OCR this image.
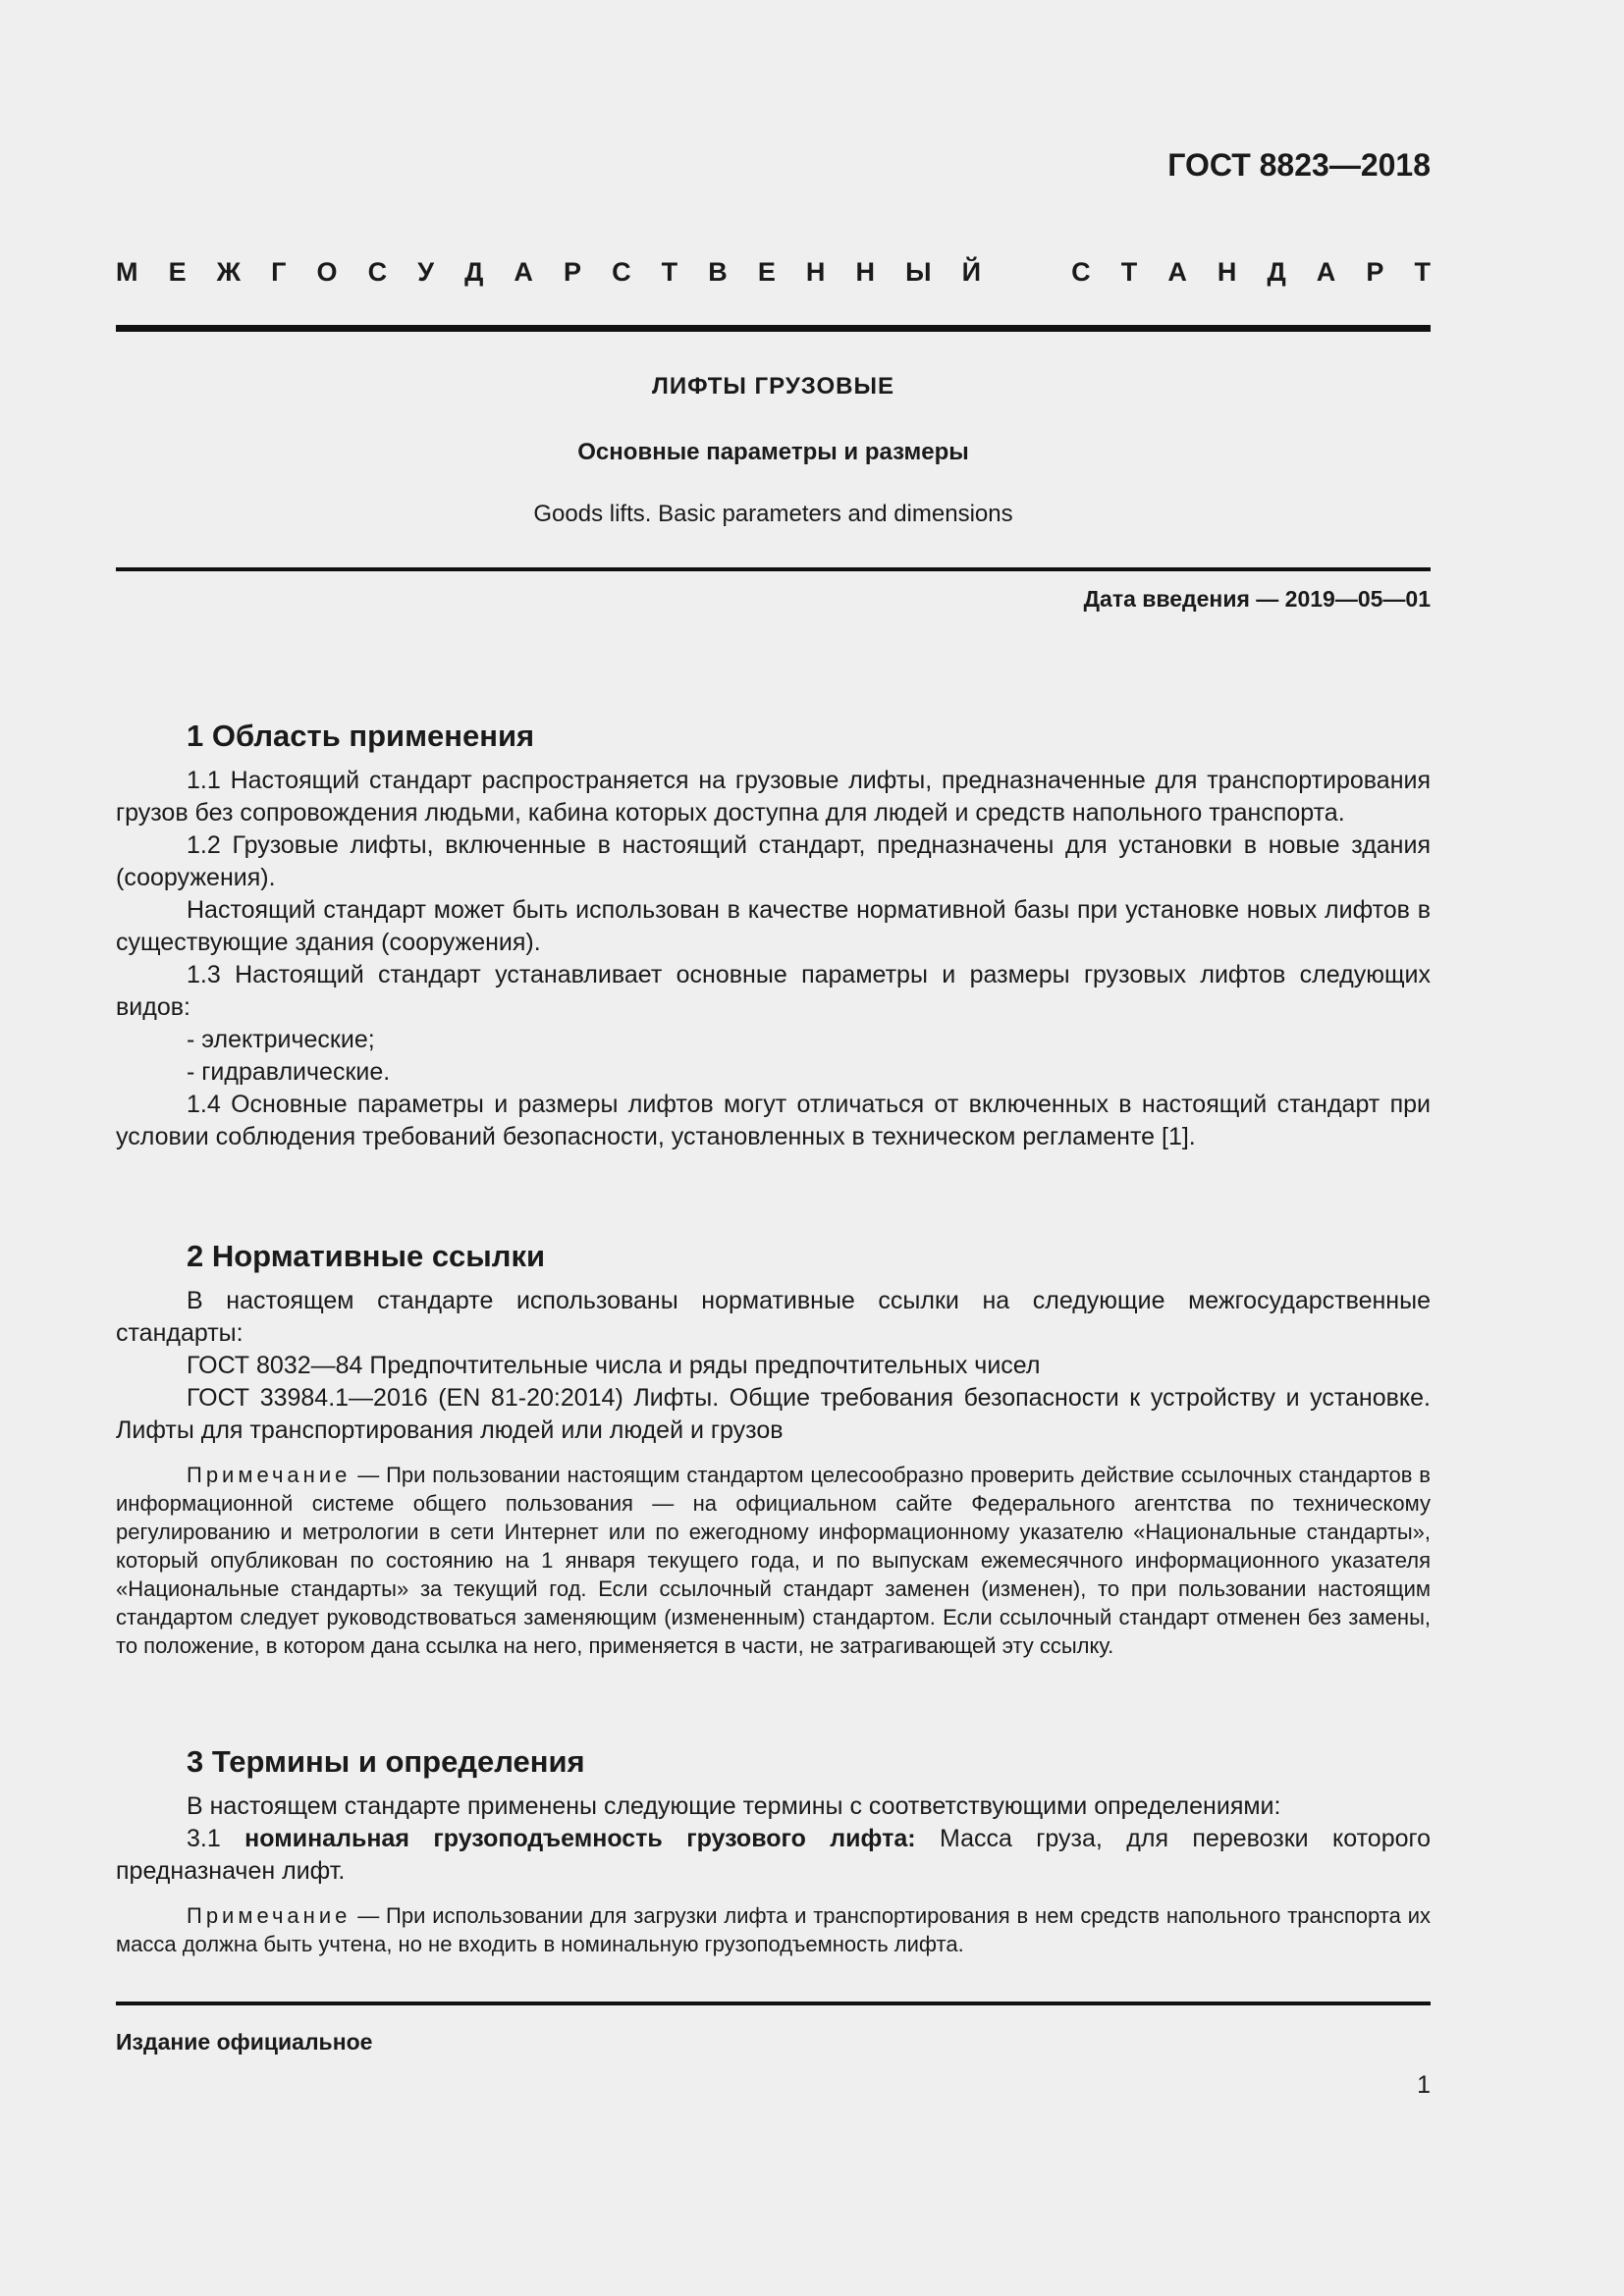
ГОСТ 8823—2018
М Е Ж Г О С У Д А Р С Т В Е Н Н Ы Й	С Т А Н Д А Р Т
ЛИФТЫ ГРУЗОВЫЕ
Основные параметры и размеры
Goods lifts. Basic parameters and dimensions
Дата введения — 2019—05—01
1 Область применения

1.1 Настоящий стандарт распространяется на грузовые лифты, предназначенные для транспортирования грузов без сопровождения людьми, кабина которых доступна для людей и средств напольного транспорта.

1.2 Грузовые лифты, включенные в настоящий стандарт, предназначены для установки в новые здания (сооружения).

Настоящий стандарт может быть использован в качестве нормативной базы при установке новых лифтов в существующие здания (сооружения).

1.3 Настоящий стандарт устанавливает основные параметры и размеры грузовых лифтов следующих видов:

- электрические;

- гидравлические.

1.4 Основные параметры и размеры лифтов могут отличаться от включенных в настоящий стандарт при условии соблюдения требований безопасности, установленных в техническом регламенте [1].

2 Нормативные ссылки

В настоящем стандарте использованы нормативные ссылки на следующие межгосударственные стандарты:

ГОСТ 8032—84 Предпочтительные числа и ряды предпочтительных чисел

ГОСТ 33984.1—2016 (EN 81-20:2014) Лифты. Общие требования безопасности к устройству и установке. Лифты для транспортирования людей или людей и грузов

Примечание — При пользовании настоящим стандартом целесообразно проверить действие ссылочных стандартов в информационной системе общего пользования — на официальном сайте Федерального агентства по техническому регулированию и метрологии в сети Интернет или по ежегодному информационному указателю «Национальные стандарты», который опубликован по состоянию на 1 января текущего года, и по выпускам ежемесячного информационного указателя «Национальные стандарты» за текущий год. Если ссылочный стандарт заменен (изменен), то при пользовании настоящим стандартом следует руководствоваться заменяющим (измененным) стандартом. Если ссылочный стандарт отменен без замены, то положение, в котором дана ссылка на него, применяется в части, не затрагивающей эту ссылку.

3 Термины и определения

В настоящем стандарте применены следующие термины с соответствующими определениями:

3.1 номинальная грузоподъемность грузового лифта: Масса груза, для перевозки которого предназначен лифт.

Примечание — При использовании для загрузки лифта и транспортирования в нем средств напольного транспорта их масса должна быть учтена, но не входить в номинальную грузоподъемность лифта.

Издание официальное
1
